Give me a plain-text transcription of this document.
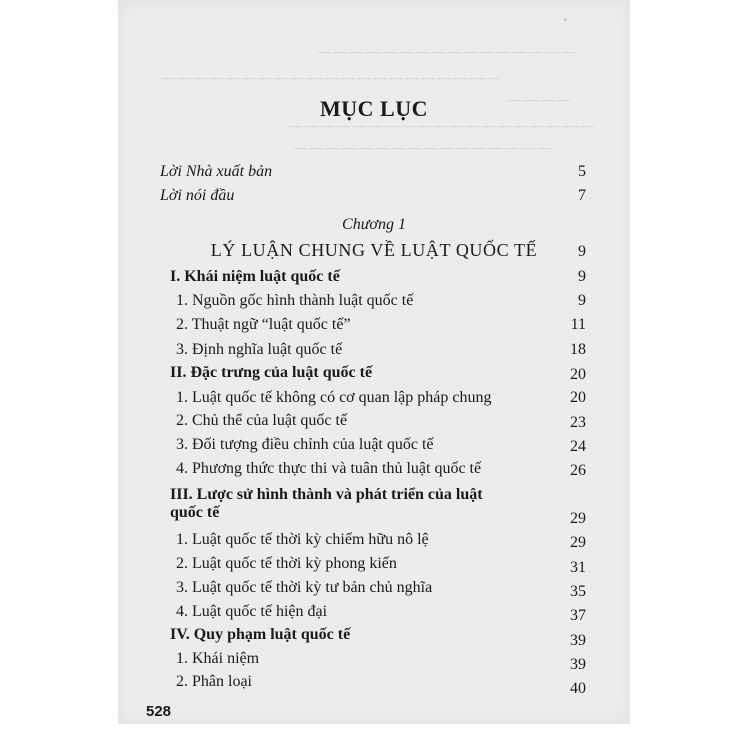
•
— — — — — — — — — — — — — — — —
— — — — — — — — — — — — — — — — — — — — —
— — — —
— — — — — — — — — — — — — — — — — — —
— — — — — — — — — — — — — — — —
MỤC LỤC
Lời Nhà xuất bản	5
Lời nói đầu	7
Chương 1
LÝ LUẬN CHUNG VỀ LUẬT QUỐC TẾ	9
I. Khái niệm luật quốc tế	9
1. Nguồn gốc hình thành luật quốc tế	9
2. Thuật ngữ “luật quốc tế”	11
3. Định nghĩa luật quốc tế	18
II. Đặc trưng của luật quốc tế	20
1. Luật quốc tế không có cơ quan lập pháp chung	20
2. Chủ thể của luật quốc tế	23
3. Đối tượng điều chỉnh của luật quốc tế	24
4. Phương thức thực thi và tuân thủ luật quốc tế	26
III. Lược sử hình thành và phát triển của luật
quốc tế	29
1. Luật quốc tế thời kỳ chiếm hữu nô lệ	29
2. Luật quốc tế thời kỳ phong kiến	31
3. Luật quốc tế thời kỳ tư bản chủ nghĩa	35
4. Luật quốc tế hiện đại	37
IV. Quy phạm luật quốc tế	39
1. Khái niệm	39
2. Phân loại	40
528
